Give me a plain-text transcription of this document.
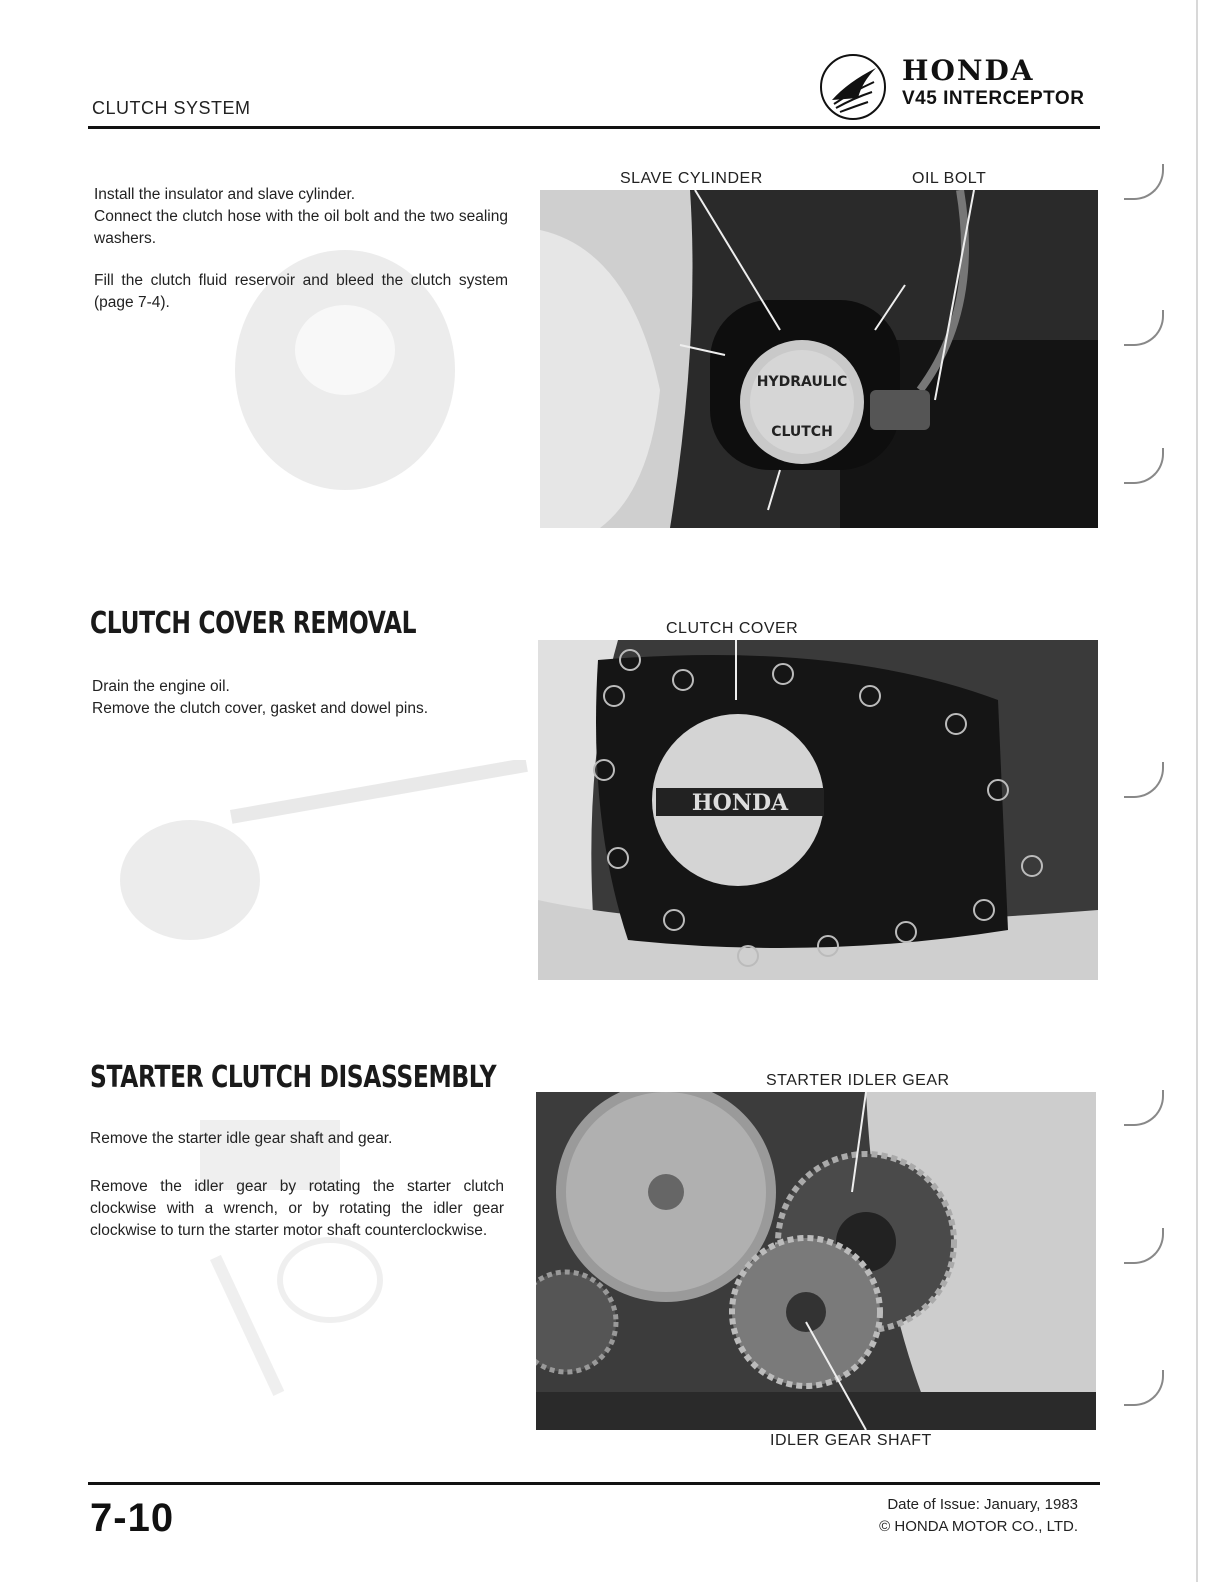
CLUTCH SYSTEM
HONDA
V45 INTERCEPTOR

Install the insulator and slave cylinder.

Connect the clutch hose with the oil bolt and the two sealing washers.

Fill the clutch fluid reservoir and bleed the clutch system (page 7-4).

SLAVE CYLINDER	OIL BOLT
HYDRAULIC
CLUTCH
CLUTCH COVER REMOVAL

Drain the engine oil.

Remove the clutch cover, gasket and dowel pins.

CLUTCH COVER
HONDA
STARTER CLUTCH DISASSEMBLY

Remove the starter idle gear shaft and gear.

Remove the idler gear by rotating the starter clutch clockwise with a wrench, or by rotating the idler gear clockwise to turn the starter motor shaft counterclockwise.

STARTER IDLER GEAR
IDLER GEAR SHAFT
7-10	Date of Issue: January, 1983
© HONDA MOTOR CO., LTD.
